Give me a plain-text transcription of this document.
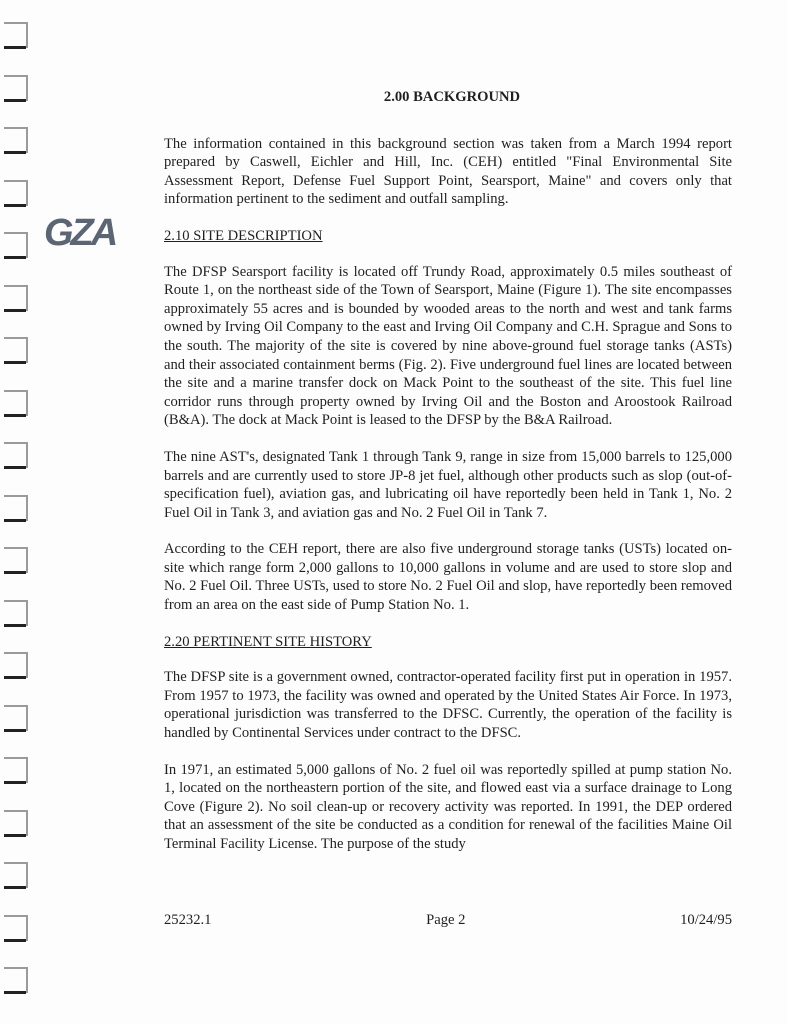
GZA
2.00 BACKGROUND

The information contained in this background section was taken from a March 1994 report prepared by Caswell, Eichler and Hill, Inc. (CEH) entitled "Final Environmental Site Assessment Report, Defense Fuel Support Point, Searsport, Maine" and covers only that information pertinent to the sediment and outfall sampling.

2.10 SITE DESCRIPTION

The DFSP Searsport facility is located off Trundy Road, approximately 0.5 miles southeast of Route 1, on the northeast side of the Town of Searsport, Maine (Figure 1). The site encompasses approximately 55 acres and is bounded by wooded areas to the north and west and tank farms owned by Irving Oil Company to the east and Irving Oil Company and C.H. Sprague and Sons to the south. The majority of the site is covered by nine above-ground fuel storage tanks (ASTs) and their associated containment berms (Fig. 2). Five underground fuel lines are located between the site and a marine transfer dock on Mack Point to the southeast of the site. This fuel line corridor runs through property owned by Irving Oil and the Boston and Aroostook Railroad (B&A). The dock at Mack Point is leased to the DFSP by the B&A Railroad.

The nine AST's, designated Tank 1 through Tank 9, range in size from 15,000 barrels to 125,000 barrels and are currently used to store JP-8 jet fuel, although other products such as slop (out-of-specification fuel), aviation gas, and lubricating oil have reportedly been held in Tank 1, No. 2 Fuel Oil in Tank 3, and aviation gas and No. 2 Fuel Oil in Tank 7.

According to the CEH report, there are also five underground storage tanks (USTs) located on-site which range form 2,000 gallons to 10,000 gallons in volume and are used to store slop and No. 2 Fuel Oil. Three USTs, used to store No. 2 Fuel Oil and slop, have reportedly been removed from an area on the east side of Pump Station No. 1.

2.20 PERTINENT SITE HISTORY

The DFSP site is a government owned, contractor-operated facility first put in operation in 1957. From 1957 to 1973, the facility was owned and operated by the United States Air Force. In 1973, operational jurisdiction was transferred to the DFSC. Currently, the operation of the facility is handled by Continental Services under contract to the DFSC.

In 1971, an estimated 5,000 gallons of No. 2 fuel oil was reportedly spilled at pump station No. 1, located on the northeastern portion of the site, and flowed east via a surface drainage to Long Cove (Figure 2). No soil clean-up or recovery activity was reported. In 1991, the DEP ordered that an assessment of the site be conducted as a condition for renewal of the facilities Maine Oil Terminal Facility License. The purpose of the study

25232.1	Page 2	10/24/95
